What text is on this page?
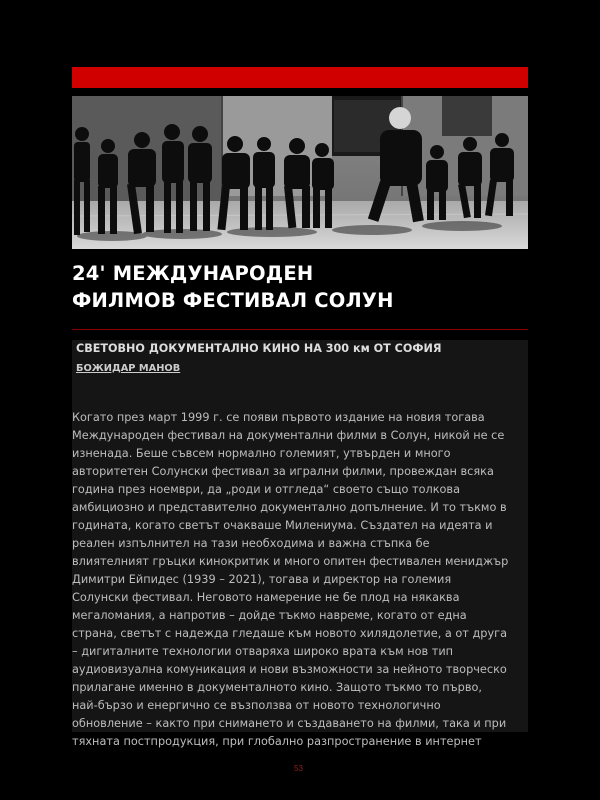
24' МЕЖДУНАРОДЕН
ФИЛМОВ ФЕСТИВАЛ СОЛУН
СВЕТОВНО ДОКУМЕНТАЛНО КИНО НА 300 км ОТ СОФИЯ

БОЖИДАР МАНОВ

Когато през март 1999 г. се появи първото издание на новия тогава
Международен фестивал на документални филми в Солун, никой не се
изненада. Беше съвсем нормално големият, утвърден и много
авторитетен Солунски фестивал за игрални филми, провеждан всяка
година през ноември, да „роди и отгледа“ своето също толкова
амбициозно и представително документално допълнение. И то тъкмо в
годината, когато светът очакваше Милениума. Създател на идеята и
реален изпълнител на тази необходима и важна стъпка бе
влиятелният гръцки кинокритик и много опитен фестивален мениджър
Димитри Ейпидес (1939 – 2021), тогава и директор на големия
Солунски фестивал. Неговото намерение не бе плод на някаква
мегаломания, а напротив – дойде тъкмо навреме, когато от една
страна, светът с надежда гледаше към новото хилядолетие, а от друга
– дигиталните технологии отваряха широко врата към нов тип
аудиовизуална комуникация и нови възможности за нейното творческо
прилагане именно в документалното кино. Защото тъкмо то първо,
най-бързо и енергично се възползва от новото технологично
обновление – както при снимането и създаването на филми, така и при
тяхната постпродукция, при глобално разпространение в интернет
53
